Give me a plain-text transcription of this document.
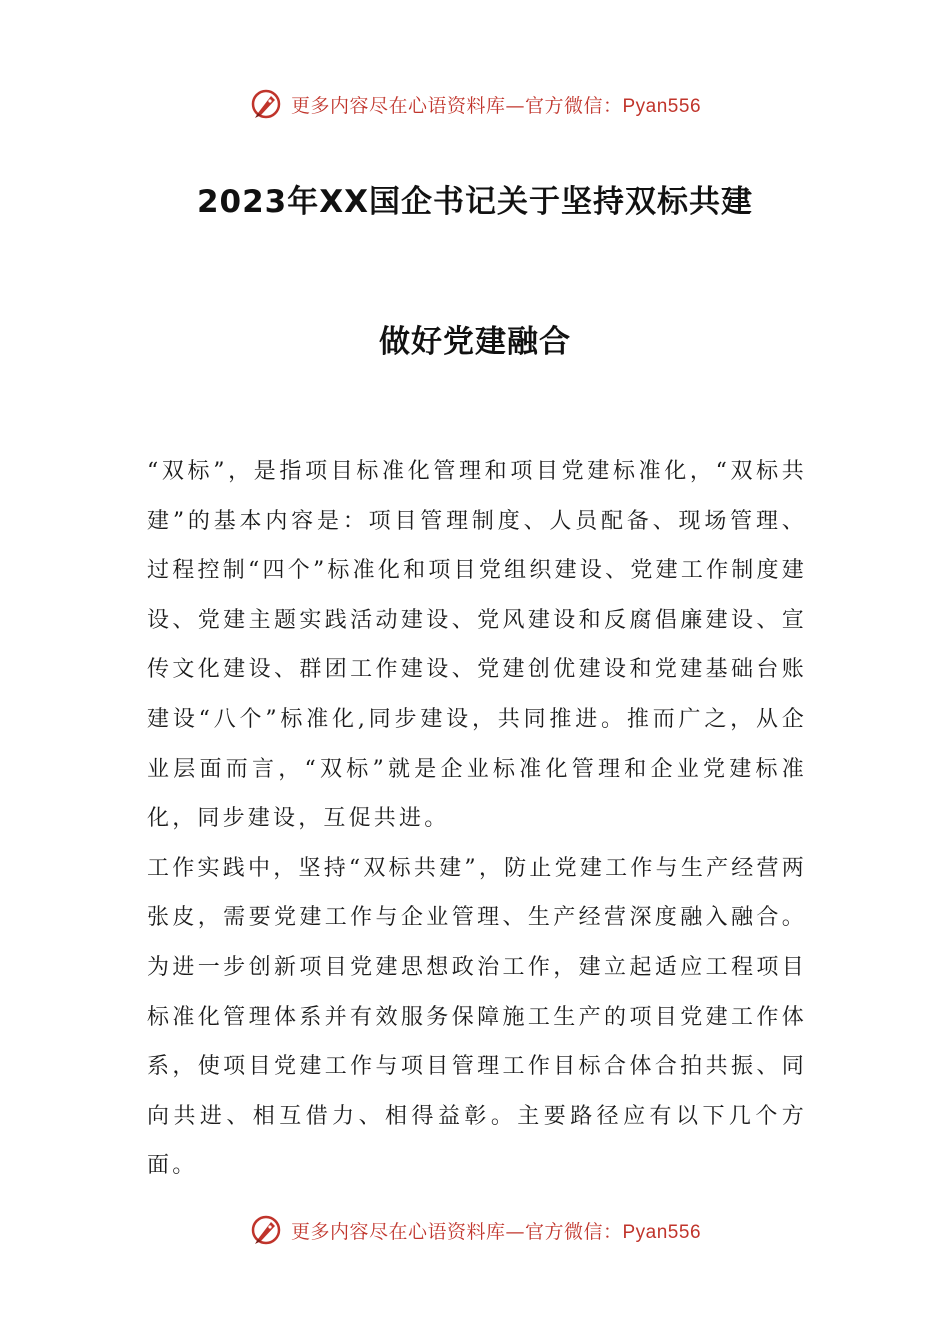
更多内容尽在心语资料库—官方微信：Pyan556
2023年XX国企书记关于坚持双标共建
做好党建融合

“双标”，是指项目标准化管理和项目党建标准化，“双标共建”的基本内容是：项目管理制度、人员配备、现场管理、过程控制“四个”标准化和项目党组织建设、党建工作制度建设、党建主题实践活动建设、党风建设和反腐倡廉建设、宣传文化建设、群团工作建设、党建创优建设和党建基础台账建设“八个”标准化,同步建设，共同推进。推而广之，从企业层面而言，“双标”就是企业标准化管理和企业党建标准化，同步建设，互促共进。

工作实践中，坚持“双标共建”，防止党建工作与生产经营两张皮，需要党建工作与企业管理、生产经营深度融入融合。为进一步创新项目党建思想政治工作，建立起适应工程项目标准化管理体系并有效服务保障施工生产的项目党建工作体系，使项目党建工作与项目管理工作目标合体合拍共振、同向共进、相互借力、相得益彰。主要路径应有以下几个方面。

更多内容尽在心语资料库—官方微信：Pyan556
